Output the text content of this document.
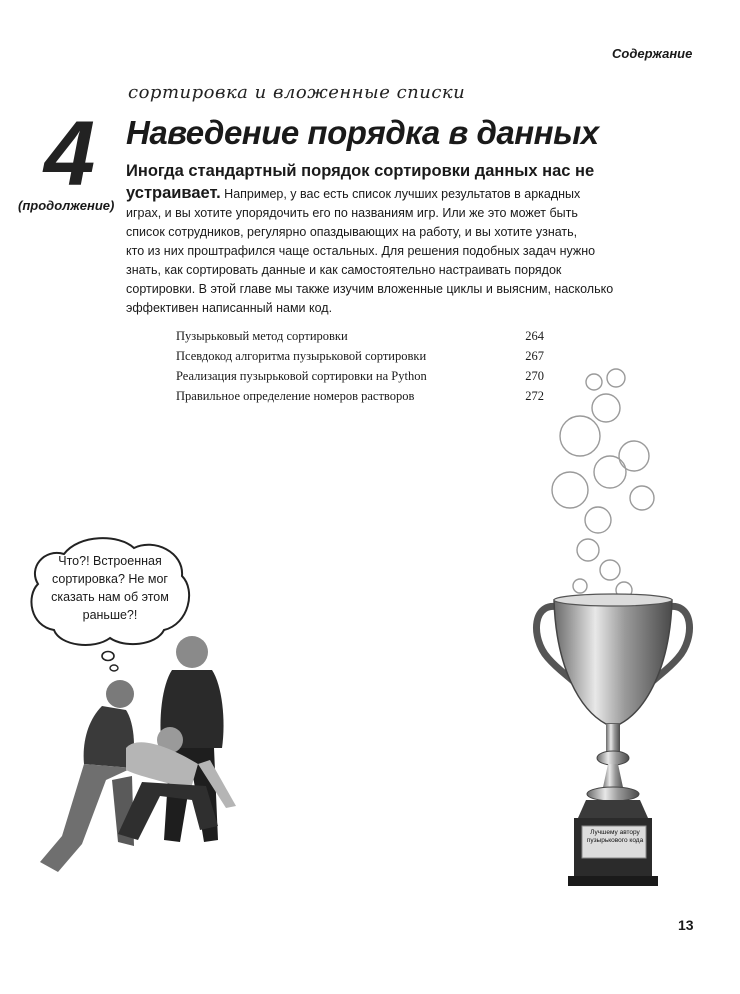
Содержание
сортировка и вложенные списки
4
(продолжение)
Наведение порядка в данных
Иногда стандартный порядок сортировки данных нас не
устраивает. Например, у вас есть список лучших результатов в аркадных
играх, и вы хотите упорядочить его по названиям игр. Или же это может быть
список сотрудников, регулярно опаздывающих на работу, и вы хотите узнать,
кто из них проштрафился чаще остальных. Для решения подобных задач нужно
знать, как сортировать данные и как самостоятельно настраивать порядок
сортировки. В этой главе мы также изучим вложенные циклы и выясним, насколько
эффективен написанный нами код.
Пузырьковый метод сортировки	264
Псевдокод алгоритма пузырьковой сортировки	267
Реализация пузырьковой сортировки на Python	270
Правильное определение номеров растворов	272
Что?! Встроенная
сортировка? Не мог
сказать нам об этом
раньше?!
Лучшему автору
пузырькового кода
13
